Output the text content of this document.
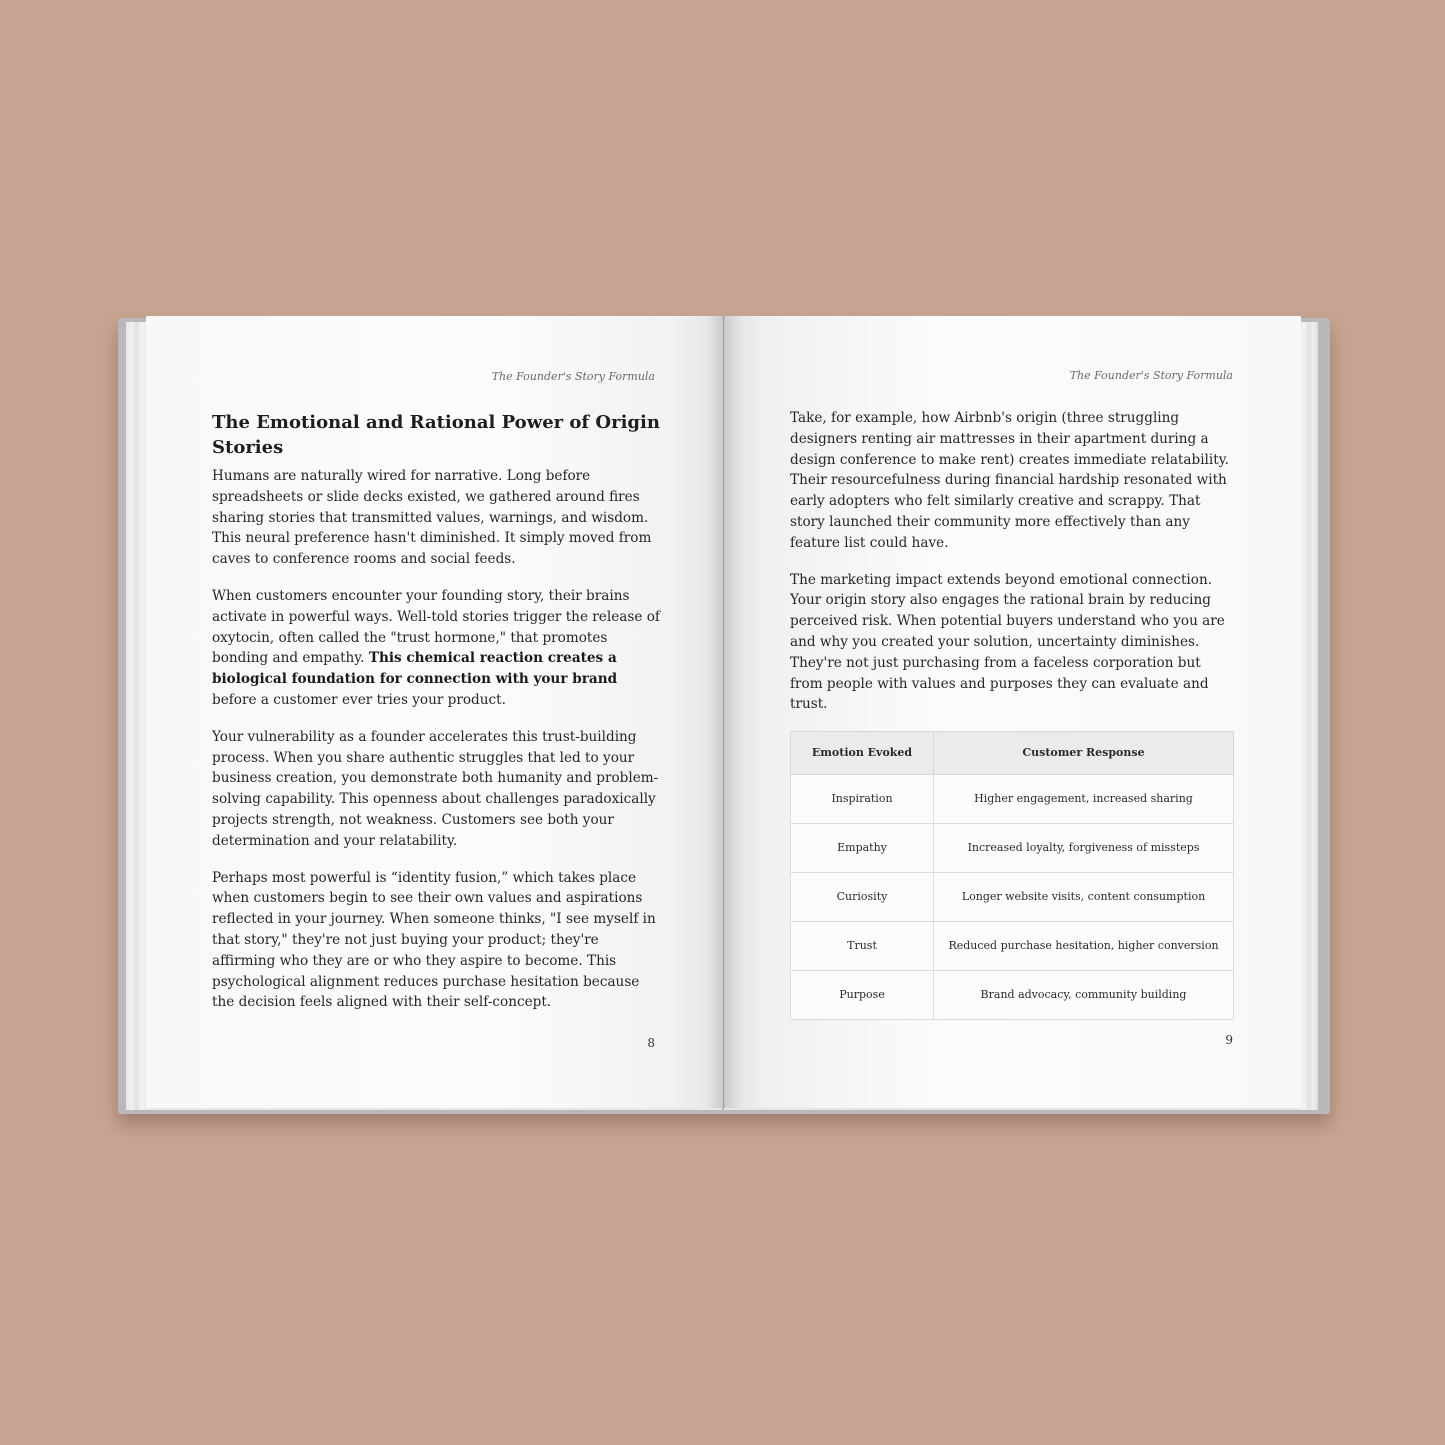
The Founder's Story Formula
The Emotional and Rational Power of Origin Stories

Humans are naturally wired for narrative. Long before spreadsheets or slide decks existed, we gathered around fires sharing stories that transmitted values, warnings, and wisdom. This neural preference hasn't diminished. It simply moved from caves to conference rooms and social feeds.

When customers encounter your founding story, their brains activate in powerful ways. Well-told stories trigger the release of oxytocin, often called the "trust hormone," that promotes bonding and empathy. This chemical reaction creates a biological foundation for connection with your brand before a customer ever tries your product.

Your vulnerability as a founder accelerates this trust-building process. When you share authentic struggles that led to your business creation, you demonstrate both humanity and problem-solving capability. This openness about challenges paradoxically projects strength, not weakness. Customers see both your determination and your relatability.

Perhaps most powerful is “identity fusion,” which takes place when customers begin to see their own values and aspirations reflected in your journey. When someone thinks, "I see myself in that story," they're not just buying your product; they're affirming who they are or who they aspire to become. This psychological alignment reduces purchase hesitation because the decision feels aligned with their self-concept.

8
The Founder's Story Formula

Take, for example, how Airbnb's origin (three struggling designers renting air mattresses in their apartment during a design conference to make rent) creates immediate relatability. Their resourcefulness during financial hardship resonated with early adopters who felt similarly creative and scrappy. That story launched their community more effectively than any feature list could have.

The marketing impact extends beyond emotional connection. Your origin story also engages the rational brain by reducing perceived risk. When potential buyers understand who you are and why you created your solution, uncertainty diminishes. They're not just purchasing from a faceless corporation but from people with values and purposes they can evaluate and trust.

Emotion Evoked	Customer Response
Inspiration	Higher engagement, increased sharing
Empathy	Increased loyalty, forgiveness of missteps
Curiosity	Longer website visits, content consumption
Trust	Reduced purchase hesitation, higher conversion
Purpose	Brand advocacy, community building
9
